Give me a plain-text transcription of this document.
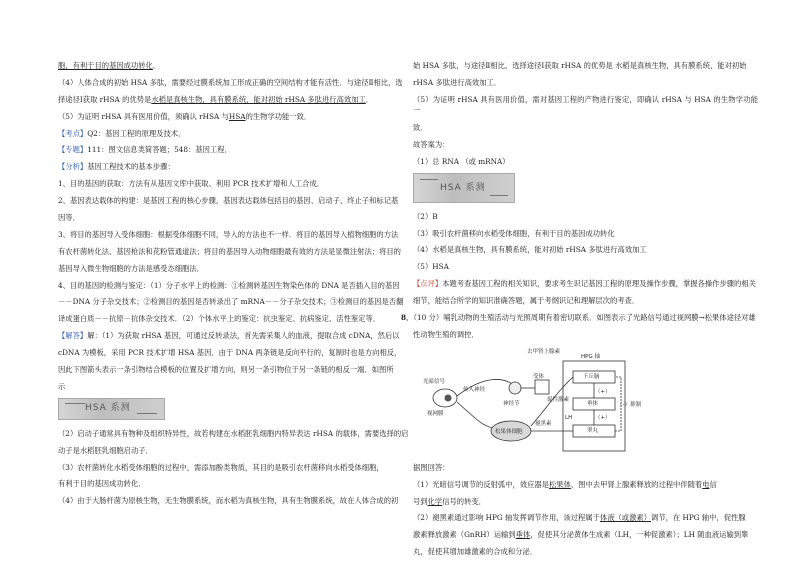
胞，有利于目的基因成功转化．

（4）人体合成的初始 HSA 多肽，需要经过膜系统加工形成正确的空间结构才能有活性．与途径Ⅱ相比，选

择途径Ⅰ获取 rHSA 的优势是水稻是真核生物，具有膜系统，能对初始 rHSA 多肽进行高效加工．

（5）为证明 rHSA 具有医用价值，须确认 rHSA 与HSA的生物学功能一致．

【考点】Q2：基因工程的原理及技术．

【专题】111：图文信息类简答题；548：基因工程．

【分析】基因工程技术的基本步骤：

1、目的基因的获取：方法有从基因文库中获取、利用 PCR 技术扩增和人工合成．

2、基因表达载体的构建：是基因工程的核心步骤，基因表达载体包括目的基因、启动子、终止子和标记基

因等．

3、将目的基因导入受体细胞：根据受体细胞不同，导入的方法也不一样．将目的基因导入植物细胞的方法

有农杆菌转化法、基因枪法和花粉管通道法；将目的基因导入动物细胞最有效的方法是显微注射法；将目的

基因导入微生物细胞的方法是感受态细胞法．

4、目的基因的检测与鉴定：（1）分子水平上的检测：①检测转基因生物染色体的 DNA 是否插入目的基因

－－DNA 分子杂交技术；②检测目的基因是否转录出了 mRNA－－分子杂交技术；③检测目的基因是否翻

译成蛋白质－－抗原－抗体杂交技术．（2）个体水平上的鉴定：抗虫鉴定、抗病鉴定、活性鉴定等．

【解答】解：（1）为获取 rHSA 基因，可通过反转录法，首先需采集人的血液，提取合成 cDNA，然后以

cDNA 为模板，采用 PCR 技术扩增 HSA 基因．由于 DNA 两条链是反向平行的，复制时也是方向相反，

因此下图箭头表示一条引物结合模板的位置及扩增方向，则另一条引物位于另一条链的相反一端．如图所

示

HSA 系测

（2）启动子通常具有物种及组织特异性，故若构建在水稻胚乳细胞内特异表达 rHSA 的载体，需要选择的启

动子是水稻胚乳细胞启动子．

（3）农杆菌转化水稻受体细胞的过程中，需添加酚类物质，其目的是吸引农杆菌移向水稻受体细胞，

有利于目的基因成功转化．

（4）由于大肠杆菌为原核生物，无生物膜系统，而水稻为真核生物，具有生物膜系统，故在人体合成的初

始 HSA 多肽，与途径Ⅱ相比，选择途径Ⅰ获取 rHSA 的优势是 水稻是真核生物，具有膜系统，能对初始

rHSA 多肽进行高效加工．

（5）为证明 rHSA 具有医用价值，需对基因工程的产物进行鉴定，即确认 rHSA 与 HSA 的生物学功能一

致．

故答案为：

（1）总 RNA （或 mRNA）

HSA 系测

（2）B

（3）吸引农杆菌移向水稻受体细胞，有利于目的基因成功转化

（4）水稻是真核生物，具有膜系统，能对初始 rHSA 多肽进行高效加工

（5）HSA

【点评】本题考查基因工程的相关知识，要求考生识记基因工程的原理及操作步骤，掌握各操作步骤的相关

细节，能结合所学的知识准确答题，属于考纲识记和理解层次的考查．

8．（10 分）哺乳动物的生殖活动与光照周期有着密切联系．如图表示了光路信号通过视网膜→松果体途径对雄

性动物生殖的调控．

去甲肾上腺素
受体
光暗信号
视网膜
松果体细胞
褪黑素
HPG 轴
下丘脑
垂体
睾丸
（+）
（+）
（-）抑制
传入神经
神经节
促性激素
LH

据图回答：

（1）光暗信号调节的反射弧中，效应器是松果体，图中去甲肾上腺素释放的过程中伴随着电信

号到化学信号的转变．

（2）褪黑素通过影响 HPG 轴发挥调节作用，该过程属于体液（或激素）调节，在 HPG 轴中，促性腺

激素释放激素（GnRH）运输到垂体，促使其分泌黄体生成素（LH，一种促激素）；LH 随血液运输到睾

丸，促使其增加雄激素的合成和分泌．
